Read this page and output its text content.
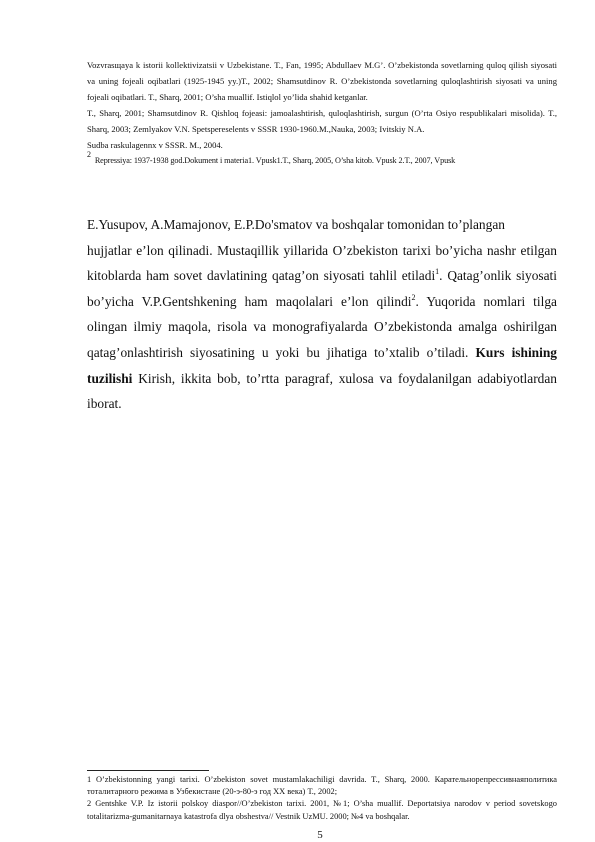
Vozvrasщaya k istorii kollektivizatsii v Uzbekistane. T., Fan, 1995; Abdullaev M.G’. O’zbekistonda sovetlarning quloq qilish siyosati va uning fojeali oqibatlari (1925-1945 yy.)T., 2002; Shamsutdinov R. O’zbekistonda sovetlarning quloqlashtirish siyosati va uning fojeali oqibatlari. T., Sharq, 2001; O’sha muallif. Istiqlol yo’lida shahid ketganlar.

T., Sharq, 2001; Shamsutdinov R. Qishloq fojeasi: jamoalashtirish, quloqlashtirish, surgun (O’rta Osiyo respublikalari misolida). T., Sharq, 2003; Zemlyakov V.N. Spetspereselents v SSSR 1930-1960.M.,Nauka, 2003; Ivitskiy N.A.

Sudba raskulagennx v SSSR. M., 2004.

$^2$  Repressiya: 1937-1938 god.Dokument i materia1. Vpusk1.T., Sharq, 2005, O’sha kitob. Vpusk 2.T., 2007, Vpusk

E.Yusupov, A.Mamajonov, E.P.Do'smatov va boshqalar tomonidan to’plangan

hujjatlar e’lon qilinadi. Mustaqillik yillarida O’zbekiston tarixi bo’yicha nashr etilgan kitoblarda ham sovet davlatining qatag’on siyosati tahlil etiladi$^1$. Qatag’onlik siyosati bo’yicha V.P.Gentshkening ham maqolalari e’lon qilindi$^2$. Yuqorida nomlari tilga olingan ilmiy maqola, risola va monografiyalarda O’zbekistonda amalga oshirilgan qatag’onlashtirish siyosatining u yoki bu jihatiga to’xtalib o’tiladi. Kurs ishining tuzilishi Kirish, ikkita bob, to’rtta paragraf, xulosa va foydalanilgan adabiyotlardan iborat.

1 O’zbekistonning yangi tarixi. O’zbekiston sovet mustamlakachiligi davrida. T., Sharq, 2000. Карательнорепрессивнаяполитика тоталитарного режима в Узбекистане (20-э-80-э год ХХ века) Т., 2002;

2 Gentshke V.P. Iz istorii polskoy diaspor//O’zbekiston tarixi. 2001, №1; O’sha muallif. Deportatsiya narodov v period sovetskogo totalitarizma-gumanitarnaya katastrofa dlya obshestva// Vestnik UzMU. 2000; №4 va boshqalar.

5
